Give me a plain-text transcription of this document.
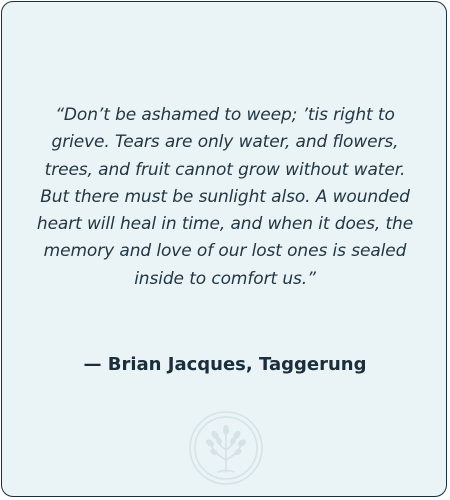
“Don’t be ashamed to weep; ’tis right to grieve. Tears are only water, and flowers, trees, and fruit cannot grow without water. But there must be sunlight also. A wounded heart will heal in time, and when it does, the memory and love of our lost ones is sealed inside to comfort us.”

— Brian Jacques, Taggerung
